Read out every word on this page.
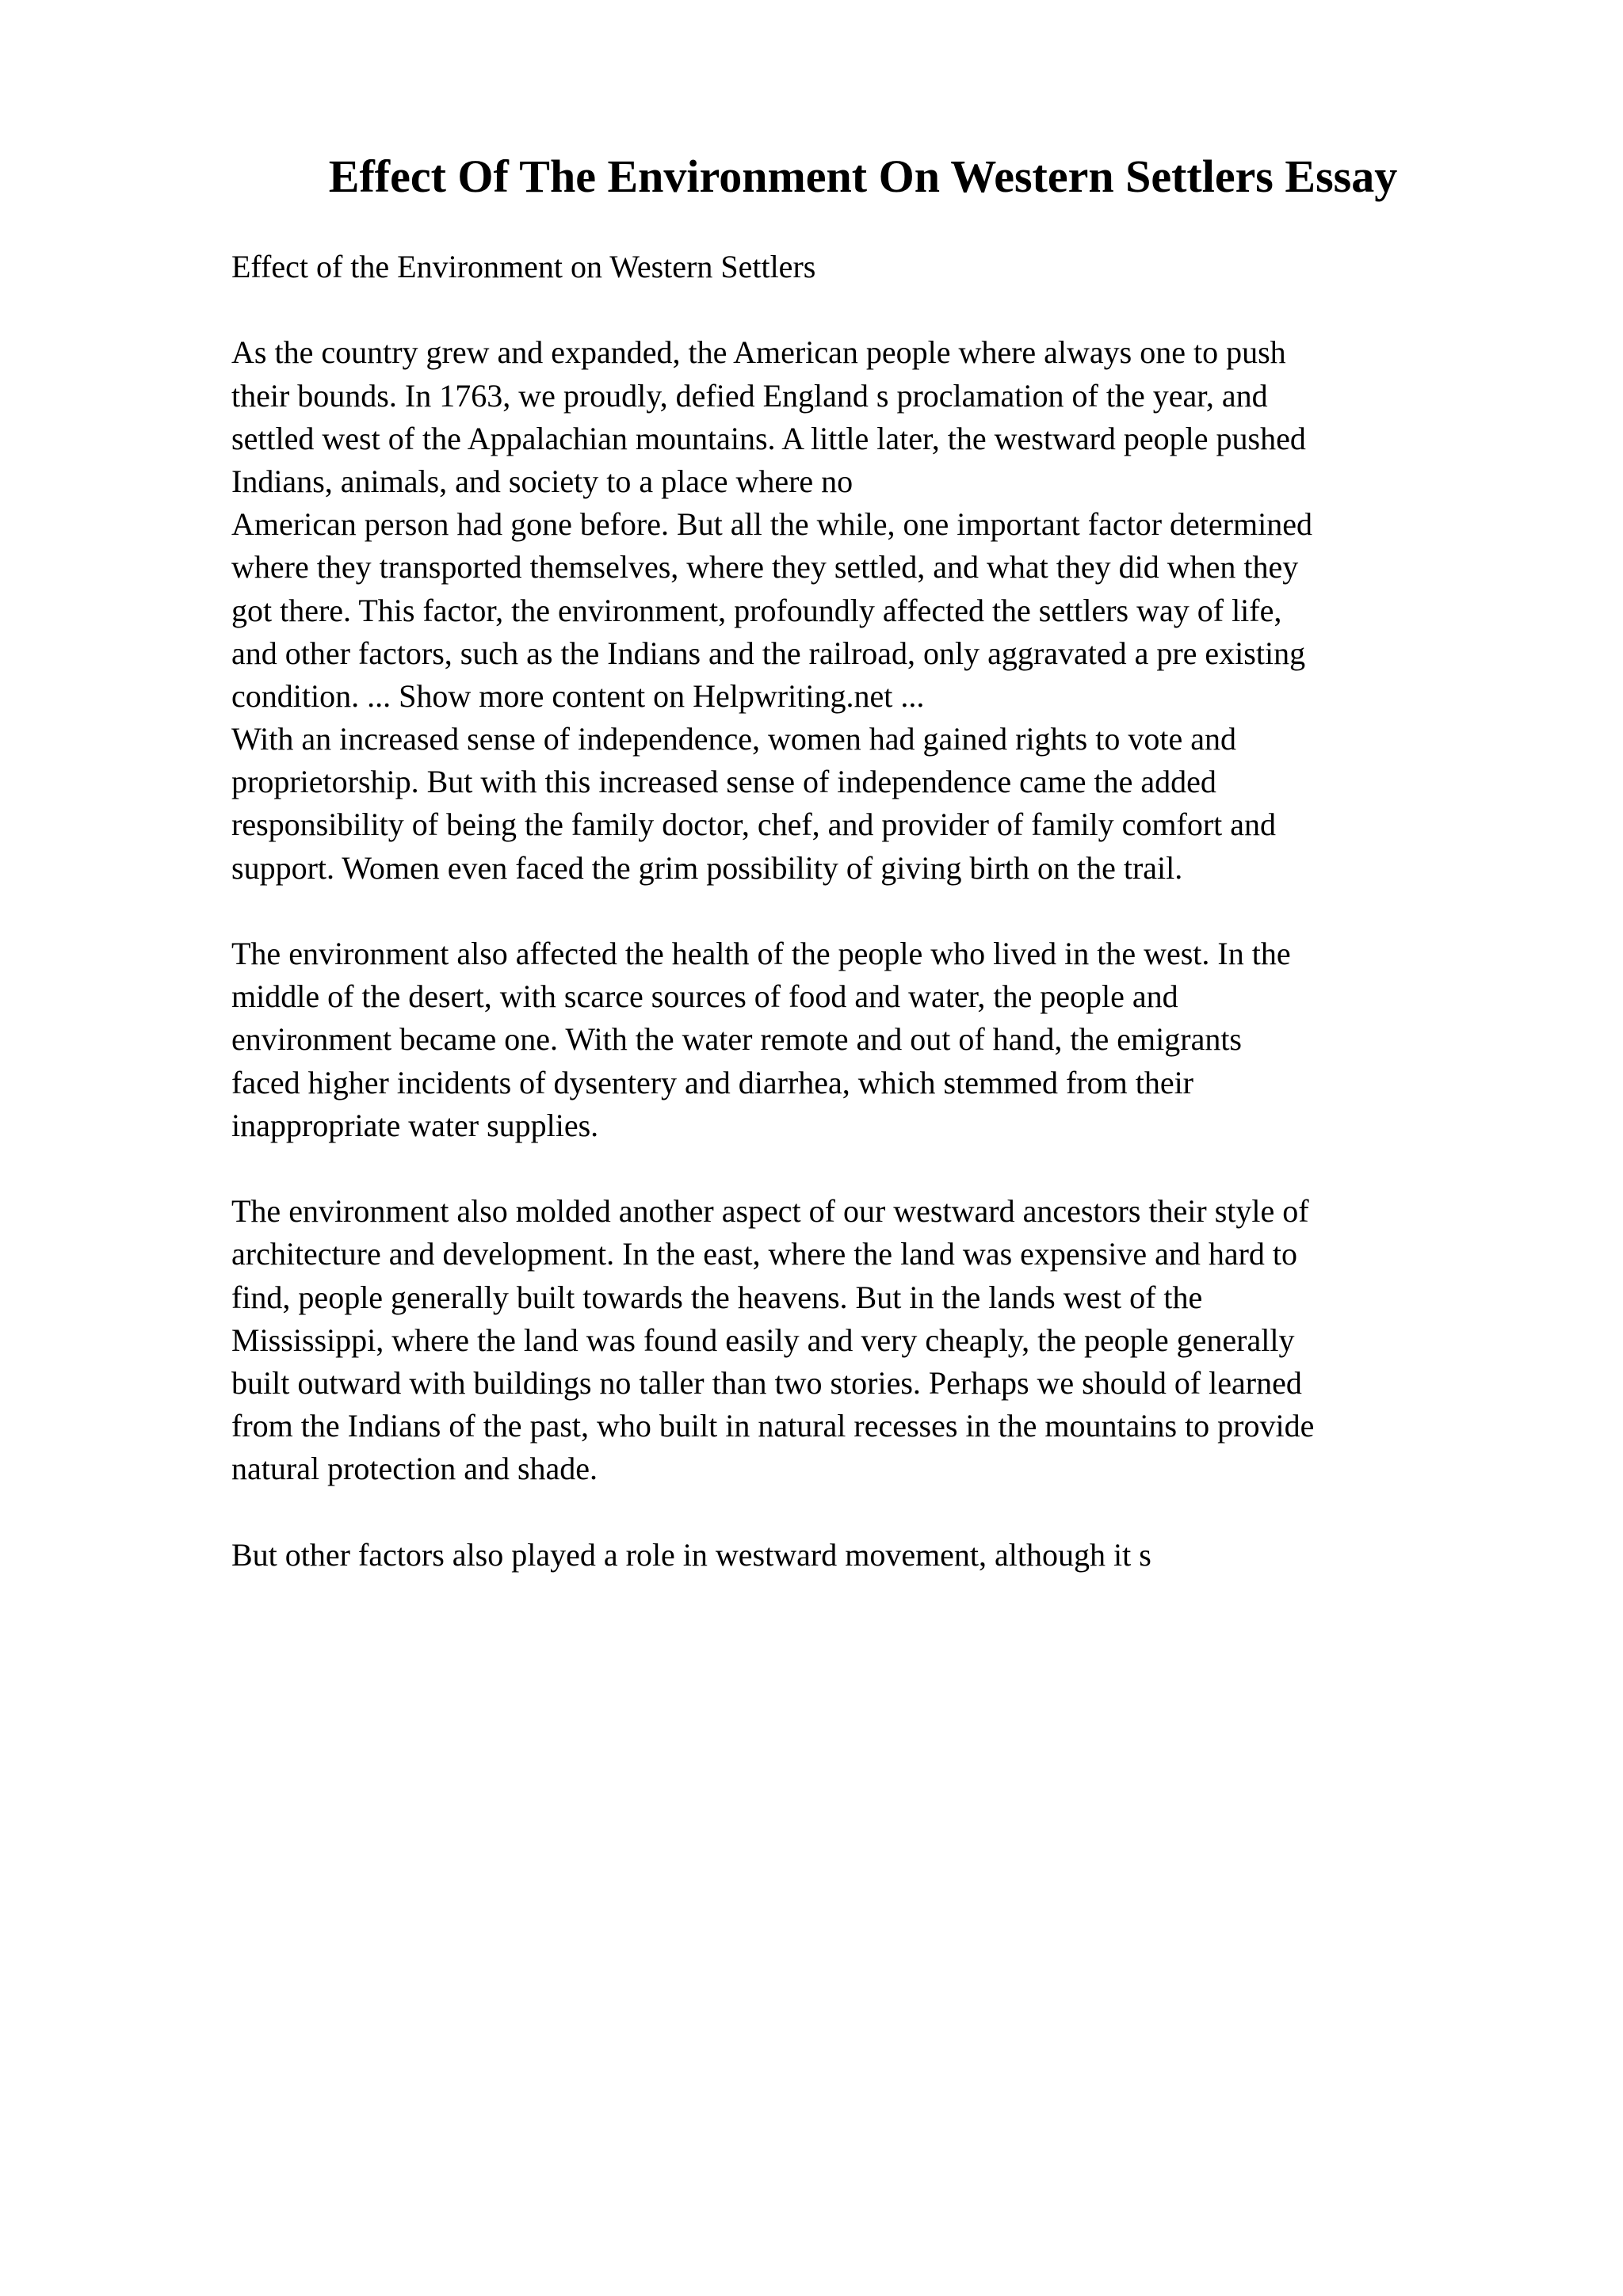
Effect Of The Environment On Western Settlers Essay
Effect of the Environment on Western Settlers
As the country grew and expanded, the American people where always one to push
their bounds. In 1763, we proudly, defied England s proclamation of the year, and
settled west of the Appalachian mountains. A little later, the westward people pushed
Indians, animals, and society to a place where no
American person had gone before. But all the while, one important factor determined
where they transported themselves, where they settled, and what they did when they
got there. This factor, the environment, profoundly affected the settlers way of life,
and other factors, such as the Indians and the railroad, only aggravated a pre existing
condition. ... Show more content on Helpwriting.net ...
With an increased sense of independence, women had gained rights to vote and
proprietorship. But with this increased sense of independence came the added
responsibility of being the family doctor, chef, and provider of family comfort and
support. Women even faced the grim possibility of giving birth on the trail.
The environment also affected the health of the people who lived in the west. In the
middle of the desert, with scarce sources of food and water, the people and
environment became one. With the water remote and out of hand, the emigrants
faced higher incidents of dysentery and diarrhea, which stemmed from their
inappropriate water supplies.
The environment also molded another aspect of our westward ancestors their style of
architecture and development. In the east, where the land was expensive and hard to
find, people generally built towards the heavens. But in the lands west of the
Mississippi, where the land was found easily and very cheaply, the people generally
built outward with buildings no taller than two stories. Perhaps we should of learned
from the Indians of the past, who built in natural recesses in the mountains to provide
natural protection and shade.
But other factors also played a role in westward movement, although it s
